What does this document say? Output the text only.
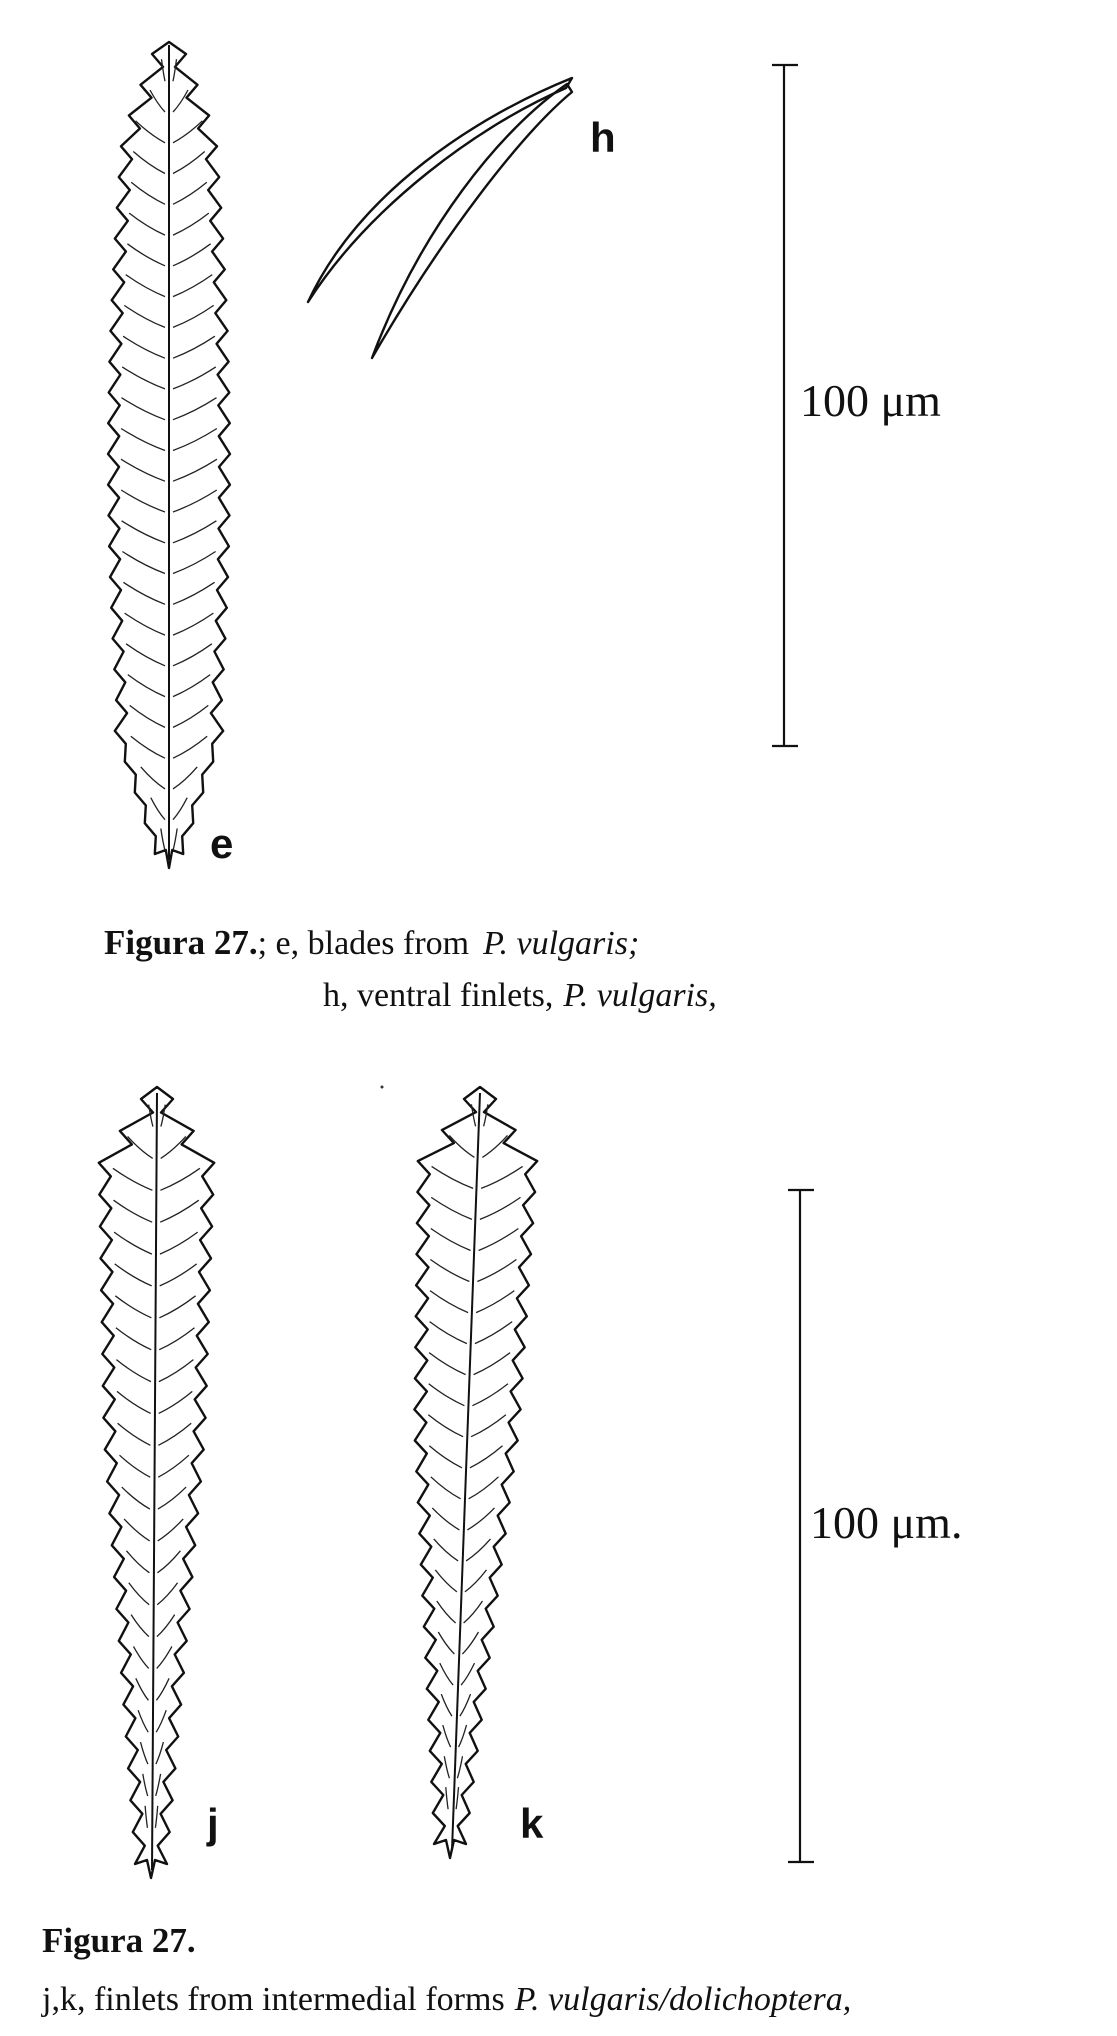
e
h
100 μm
Figura 27.; e, blades from P. vulgaris;
h, ventral finlets, P. vulgaris,
j	k
100 μm.
Figura 27.
j,k, finlets from intermedial forms P. vulgaris/dolichoptera,
